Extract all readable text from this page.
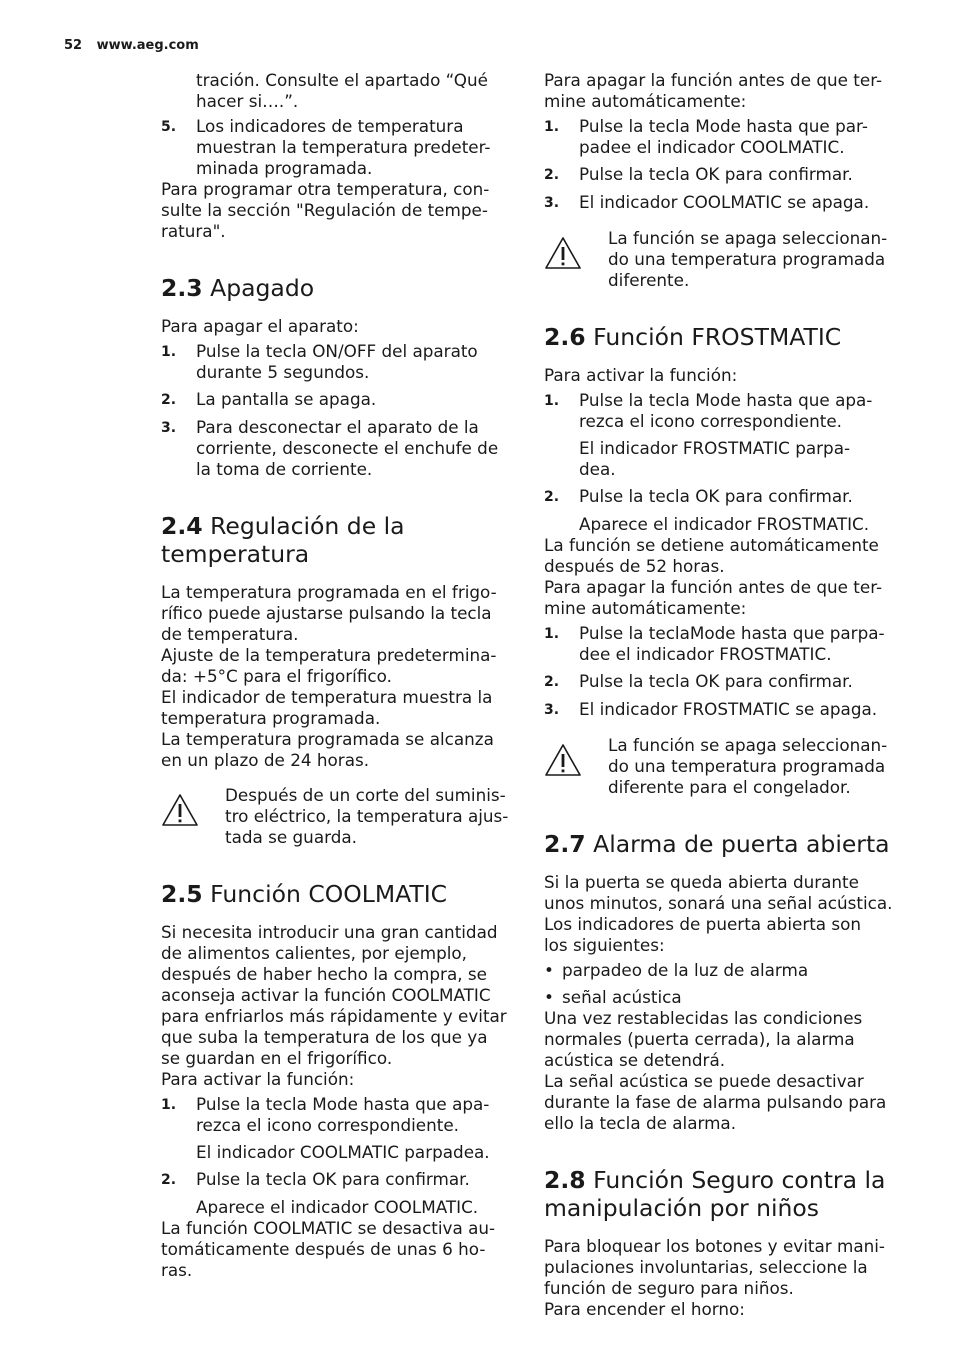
52 www.aeg.com

tración. Consulte el apartado “Qué

hacer si….”.

5.	Los indicadores de temperatura

muestran la temperatura predeter-

minada programada.

Para programar otra temperatura, con-

sulte la sección "Regulación de tempe-

ratura".

2.3 Apagado

Para apagar el aparato:

1.	Pulse la tecla ON/OFF del aparato

durante 5 segundos.

2.	La pantalla se apaga.

3.	Para desconectar el aparato de la

corriente, desconecte el enchufe de

la toma de corriente.

2.4 Regulación de la
temperatura

La temperatura programada en el frigo-

rífico puede ajustarse pulsando la tecla

de temperatura.

Ajuste de la temperatura predetermina-

da: +5°C para el frigorífico.

El indicador de temperatura muestra la

temperatura programada.

La temperatura programada se alcanza

en un plazo de 24 horas.

Después de un corte del suminis-

tro eléctrico, la temperatura ajus-

tada se guarda.

2.5 Función COOLMATIC

Si necesita introducir una gran cantidad

de alimentos calientes, por ejemplo,

después de haber hecho la compra, se

aconseja activar la función COOLMATIC

para enfriarlos más rápidamente y evitar

que suba la temperatura de los que ya

se guardan en el frigorífico.

Para activar la función:

1.	Pulse la tecla Mode hasta que apa-

rezca el icono correspondiente.

El indicador COOLMATIC parpadea.

2.	Pulse la tecla OK para confirmar.

Aparece el indicador COOLMATIC.

La función COOLMATIC se desactiva au-

tomáticamente después de unas 6 ho-

ras.

Para apagar la función antes de que ter-

mine automáticamente:

1.	Pulse la tecla Mode hasta que par-

padee el indicador COOLMATIC.

2.	Pulse la tecla OK para confirmar.

3.	El indicador COOLMATIC se apaga.

La función se apaga seleccionan-

do una temperatura programada

diferente.

2.6 Función FROSTMATIC

Para activar la función:

1.	Pulse la tecla Mode hasta que apa-

rezca el icono correspondiente.

El indicador FROSTMATIC parpa-

dea.

2.	Pulse la tecla OK para confirmar.

Aparece el indicador FROSTMATIC.

La función se detiene automáticamente

después de 52 horas.

Para apagar la función antes de que ter-

mine automáticamente:

1.	Pulse la teclaMode hasta que parpa-

dee el indicador FROSTMATIC.

2.	Pulse la tecla OK para confirmar.

3.	El indicador FROSTMATIC se apaga.

La función se apaga seleccionan-

do una temperatura programada

diferente para el congelador.

2.7 Alarma de puerta abierta

Si la puerta se queda abierta durante

unos minutos, sonará una señal acústica.

Los indicadores de puerta abierta son

los siguientes:

• parpadeo de la luz de alarma
• señal acústica

Una vez restablecidas las condiciones

normales (puerta cerrada), la alarma

acústica se detendrá.

La señal acústica se puede desactivar

durante la fase de alarma pulsando para

ello la tecla de alarma.

2.8 Función Seguro contra la
manipulación por niños

Para bloquear los botones y evitar mani-

pulaciones involuntarias, seleccione la

función de seguro para niños.

Para encender el horno:
